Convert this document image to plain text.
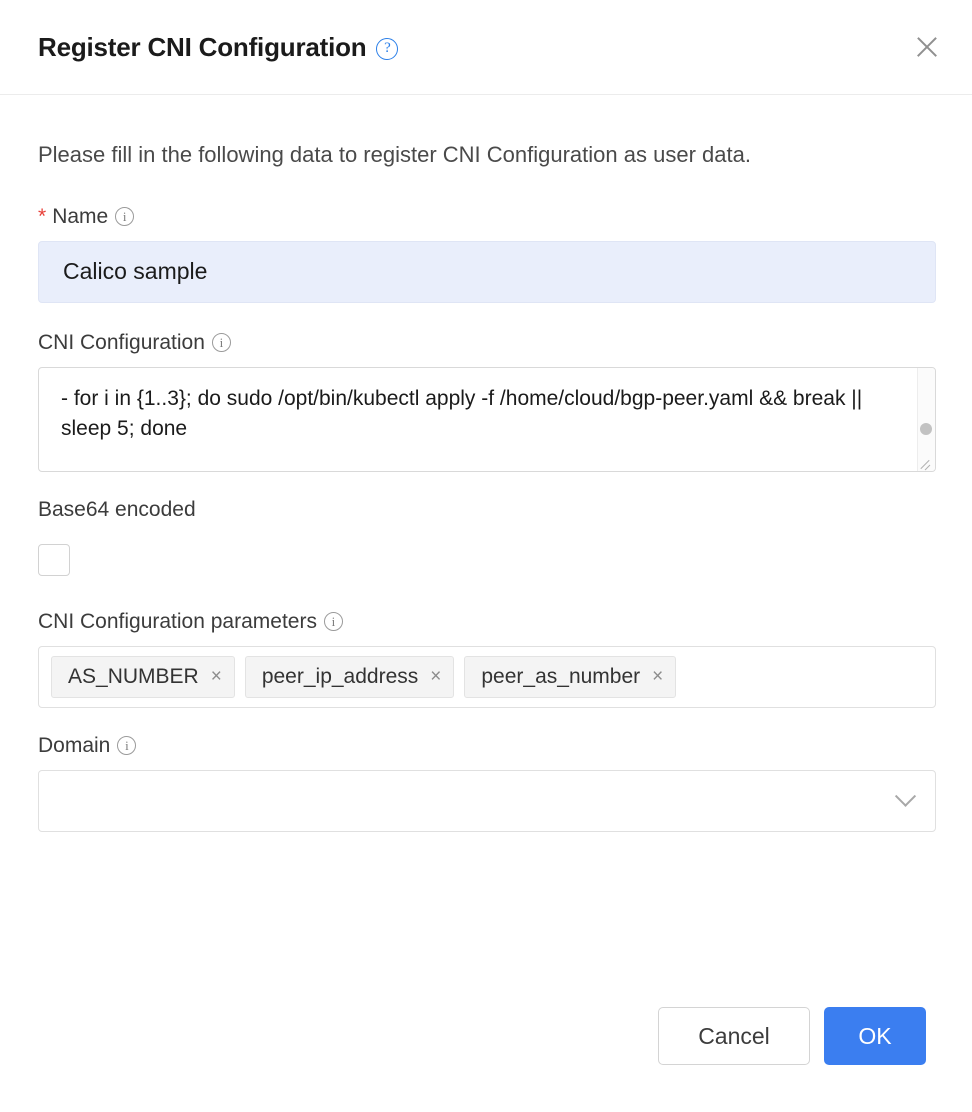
Register CNI Configuration	?
Please fill in the following data to register CNI Configuration as user data.
* Name	i
Calico sample
CNI Configuration	i
- for i in {1..3}; do sudo /opt/bin/kubectl apply -f /home/cloud/bgp-peer.yaml && break || sleep 5; done
Base64 encoded
CNI Configuration parameters	i
AS_NUMBER × peer_ip_address × peer_as_number ×
Domain	i
Cancel	OK
